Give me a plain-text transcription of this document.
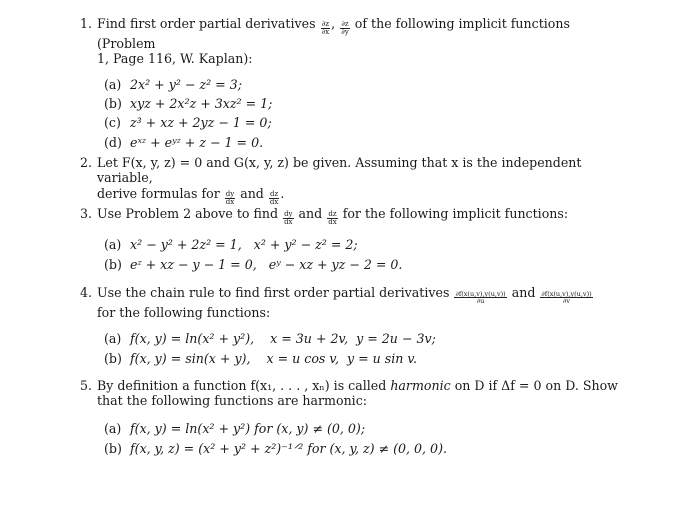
1. Find first order partial derivatives $\frac{\partial z}{\partial x}$ , $\frac{\partial z}{\partial y}$ of the following implicit functions (Problem
1, Page 116, W. Kaplan):
(a) 2x² + y² − z² = 3;
(b) xyz + 2x²z + 3xz² = 1;
(c) z³ + xz + 2yz − 1 = 0;
(d) eˣᶻ + eʸᶻ + z − 1 = 0.
2. Let F(x, y, z) = 0 and G(x, y, z) be given. Assuming that x is the independent variable,
derive formulas for $\frac{dy}{dx}$ and $\frac{dz}{dx}$ .
3. Use Problem 2 above to find $\frac{dy}{dx}$ and $\frac{dz}{dx}$ for the following implicit functions:
(a) x² − y² + 2z² = 1,   x² + y² − z² = 2;
(b) eᶻ + xz − y − 1 = 0,   eʸ − xz + yz − 2 = 0.
4. Use the chain rule to find first order partial derivatives $\frac{\partial f(x(u,v),y(u,v))}{\partial u}$ and $\frac{\partial f(x(u,v),y(u,v))}{\partial v}$

for the following functions:
(a) f(x, y) = ln(x² + y²),    x = 3u + 2v,  y = 2u − 3v;
(b) f(x, y) = sin(x + y),    x = u cos v,  y = u sin v.
5. By definition a function f(x₁, . . . , xₙ) is called harmonic on D if Δf = 0 on D. Show
that the following functions are harmonic:
(a) f(x, y) = ln(x² + y²) for (x, y) ≠ (0, 0);
(b) f(x, y, z) = (x² + y² + z²)⁻¹ᐟ² for (x, y, z) ≠ (0, 0, 0).
